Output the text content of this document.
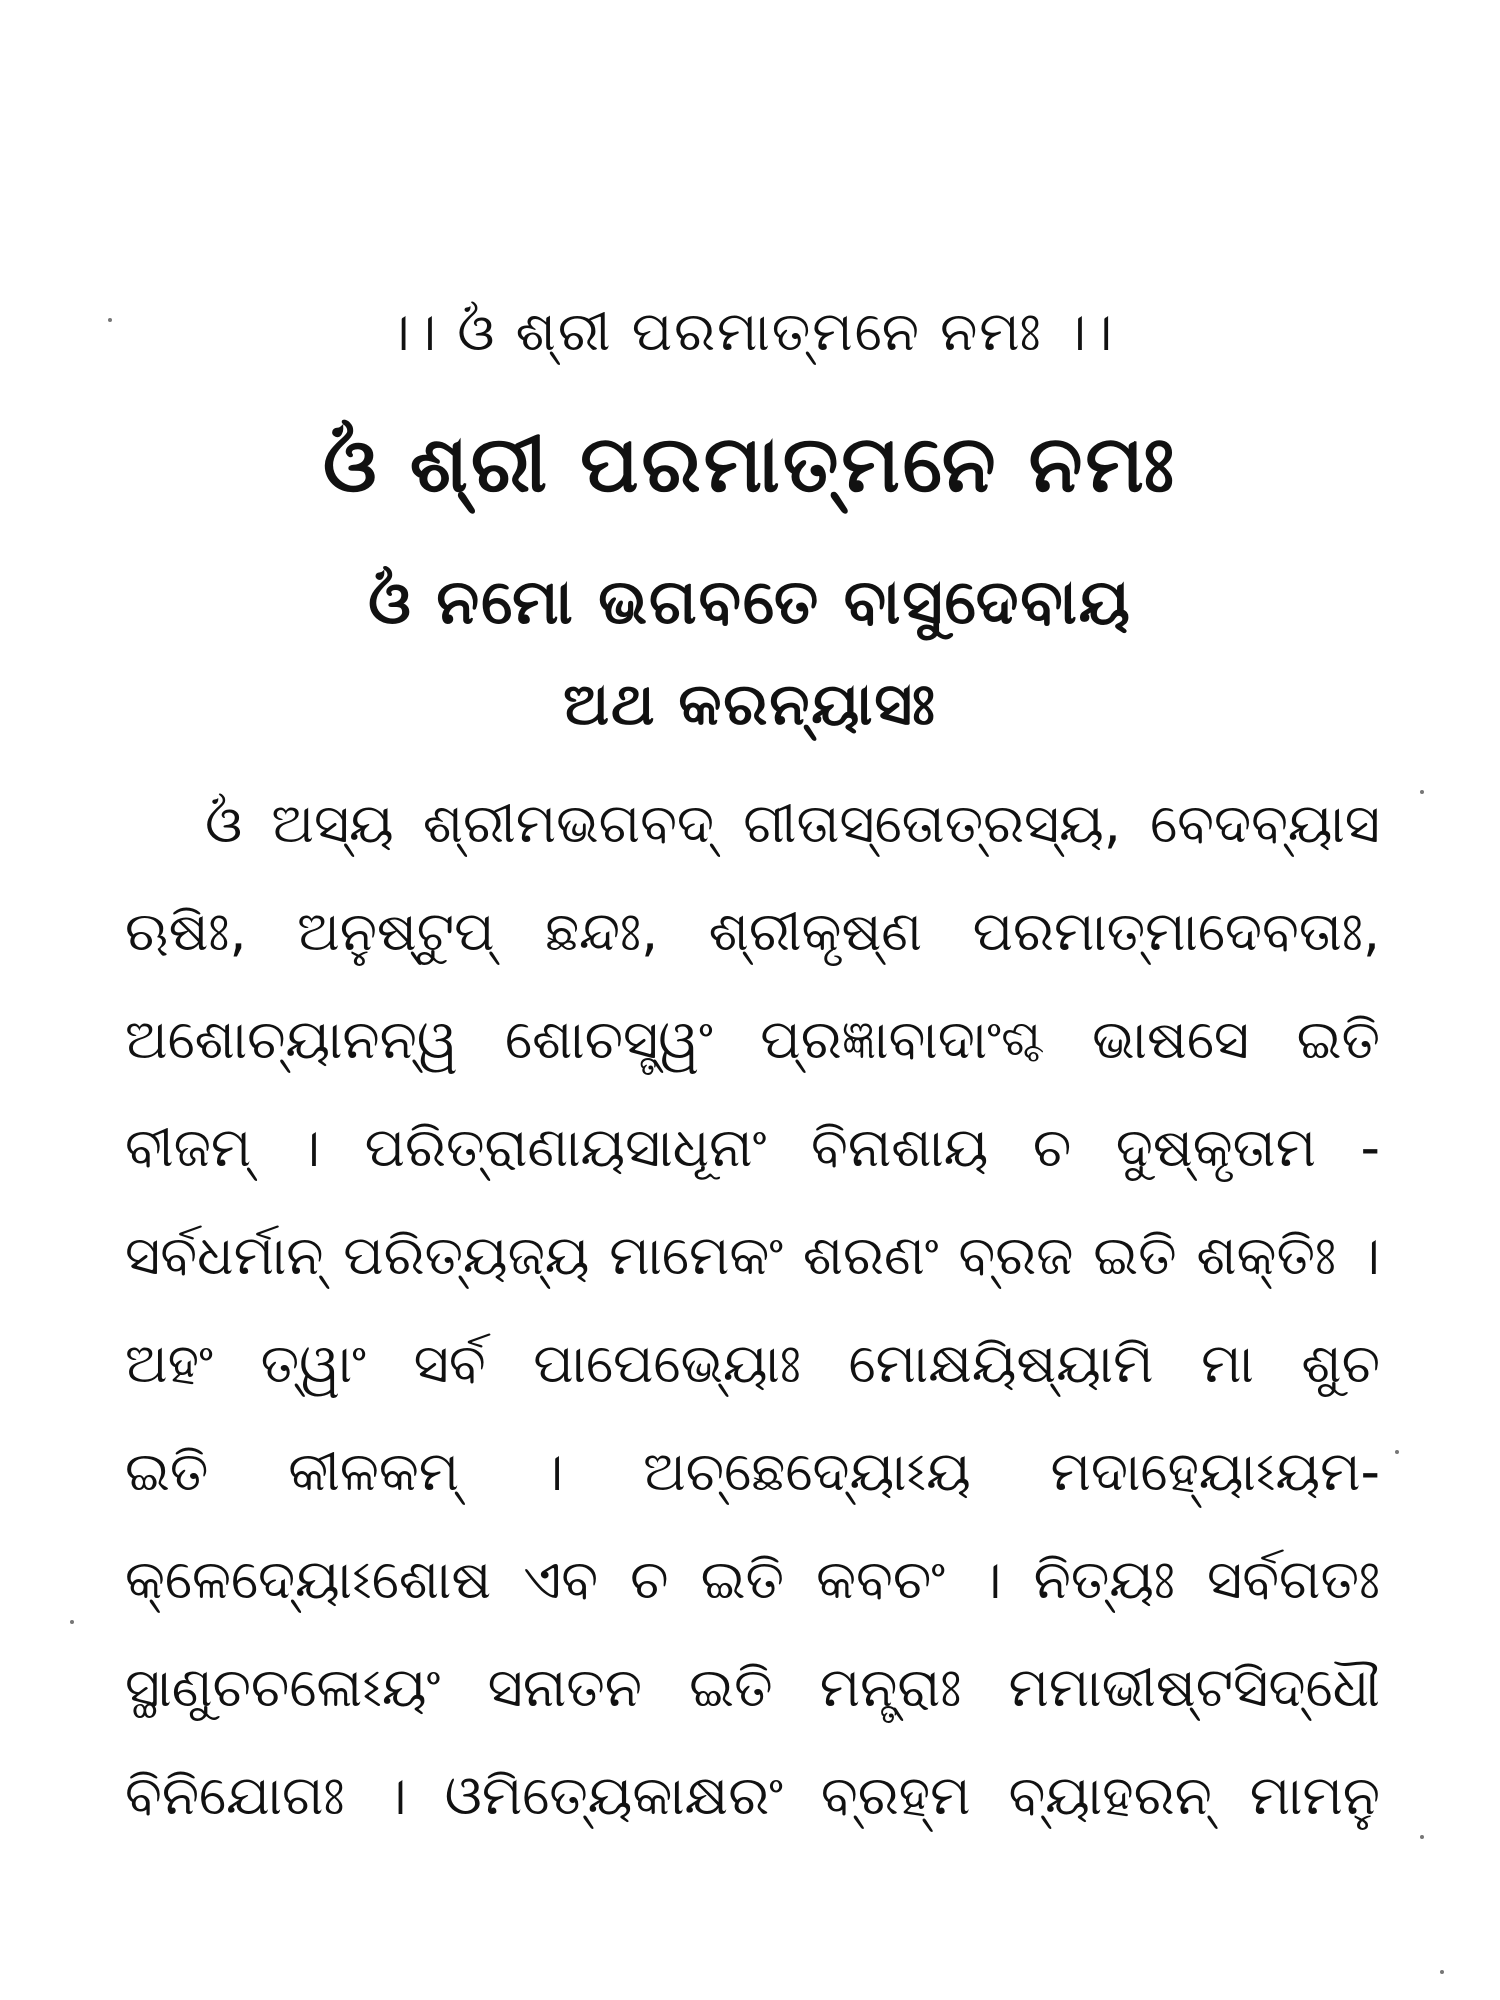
।। ଓଁ ଶ୍ରୀ ପରମାତ୍ମନେ ନମଃ ।।
ଓଁ ଶ୍ରୀ ପରମାତ୍ମନେ ନମଃ
ଓଁ ନମୋ ଭଗବତେ ବାସୁଦେବାୟ
ଅଥ କରନ୍ୟାସଃ
ଓଁ ଅସ୍ୟ ଶ୍ରୀମଭଗବଦ୍ ଗୀତାସ୍ତୋତ୍ରସ୍ୟ, ବେଦବ୍ୟାସ
ଋଷିଃ, ଅନୁଷ୍ଟୁପ୍ ଛନ୍ଦଃ, ଶ୍ରୀକୃଷ୍ଣ ପରମାତ୍ମାଦେବତାଃ,
ଅଶୋଚ୍ୟାନନ୍ୱ ଶୋଚସ୍ତ୍ୱଂ ପ୍ରଜ୍ଞାବାଦାଂଶ୍ଚ ଭାଷସେ ଇତି
ବୀଜମ୍ । ପରିତ୍ରାଣାୟସାଧୂନାଂ ବିନାଶାୟ ଚ ଦୁଷ୍କୃତାମ -
ସର୍ବଧର୍ମାନ୍ ପରିତ୍ୟଜ୍ୟ ମାମେକଂ ଶରଣଂ ବ୍ରଜ ଇତି ଶକ୍ତିଃ ।
ଅହଂ ତ୍ୱାଂ ସର୍ବ ପାପେଭ୍ୟୋଃ ମୋକ୍ଷୟିଷ୍ୟାମି ମା ଶୁଚ
ଇତି କୀଳକମ୍ । ଅଚ୍ଛେଦ୍ୟୋଽୟ ମଦାହ୍ୟୋଽୟମ-
କ୍ଳେଦ୍ୟୋଽଶୋଷ ଏବ ଚ ଇତି କବଚଂ । ନିତ୍ୟଃ ସର୍ବଗତଃ
ସ୍ଥାଣୁଚଚଳୋଽୟଂ ସନାତନ ଇତି ମନ୍ତ୍ରାଃ ମମାଭୀଷ୍ଟସିଦ୍ଧୌ
ବିନିଯୋଗଃ । ଓମିତ୍ୟେକାକ୍ଷରଂ ବ୍ରହ୍ମ ବ୍ୟାହରନ୍ ମାମନୁ
